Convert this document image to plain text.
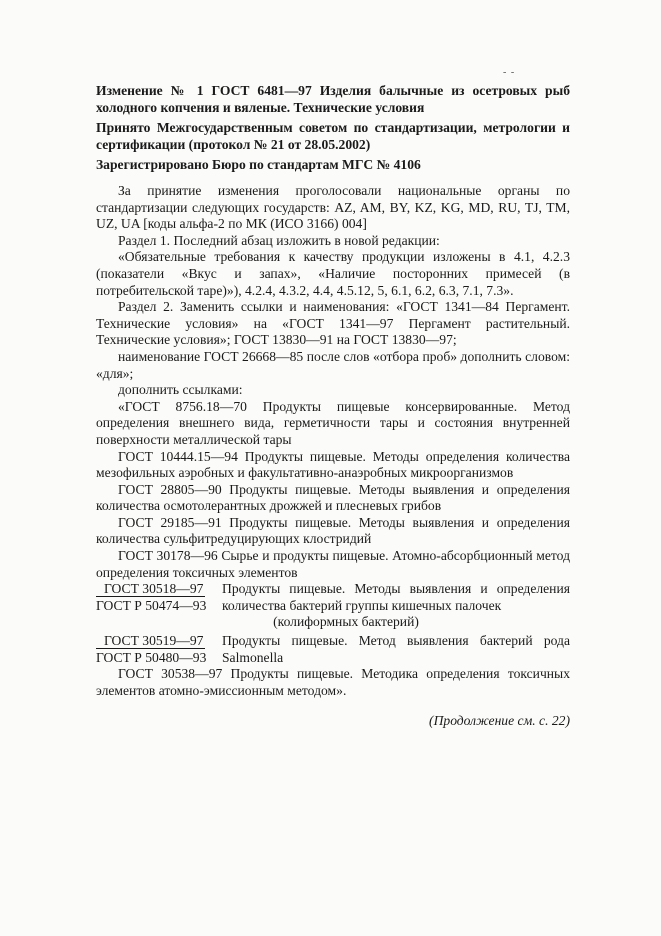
- -
Изменение № 1 ГОСТ 6481—97 Изделия балычные из осетровых рыб холодного копчения и вяленые. Технические условия
Принято Межгосударственным советом по стандартизации, метрологии и сертификации (протокол № 21 от 28.05.2002)
Зарегистрировано Бюро по стандартам МГС № 4106

За принятие изменения проголосовали национальные органы по стандартизации следующих государств: AZ, AM, BY, KZ, KG, MD, RU, TJ, TM, UZ, UA [коды альфа-2 по МК (ИСО 3166) 004]

Раздел 1. Последний абзац изложить в новой редакции:

«Обязательные требования к качеству продукции изложены в 4.1, 4.2.3 (показатели «Вкус и запах», «Наличие посторонних примесей (в потребительской таре)»), 4.2.4, 4.3.2, 4.4, 4.5.12, 5, 6.1, 6.2, 6.3, 7.1, 7.3».

Раздел 2. Заменить ссылки и наименования: «ГОСТ 1341—84 Пергамент. Технические условия» на «ГОСТ 1341—97 Пергамент растительный. Технические условия»; ГОСТ 13830—91 на ГОСТ 13830—97;

наименование ГОСТ 26668—85 после слов «отбора проб» дополнить словом: «для»;

дополнить ссылками:

«ГОСТ 8756.18—70 Продукты пищевые консервированные. Метод определения внешнего вида, герметичности тары и состояния внутренней поверхности металлической тары

ГОСТ 10444.15—94 Продукты пищевые. Методы определения количества мезофильных аэробных и факультативно-анаэробных микроорганизмов

ГОСТ 28805—90 Продукты пищевые. Методы выявления и определения количества осмотолерантных дрожжей и плесневых грибов

ГОСТ 29185—91 Продукты пищевые. Методы выявления и определения количества сульфитредуцирующих клостридий

ГОСТ 30178—96 Сырье и продукты пищевые. Атомно-абсорбционный метод определения токсичных элементов

ГОСТ 30518—97
ГОСТ Р 50474—93
Продукты пищевые. Методы выявления и определения количества бактерий группы кишечных палочек
(колиформных бактерий)
ГОСТ 30519—97
ГОСТ Р 50480—93
Продукты пищевые. Метод выявления бактерий рода Salmonella

ГОСТ 30538—97 Продукты пищевые. Методика определения токсичных элементов атомно-эмиссионным методом».

(Продолжение см. с. 22)
